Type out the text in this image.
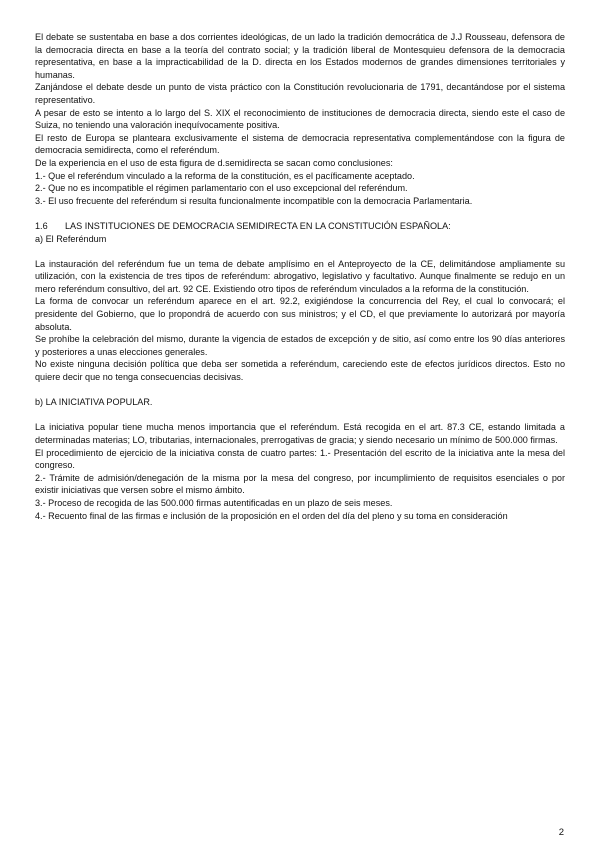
El debate se sustentaba en base a dos corrientes ideológicas, de un lado la tradición democrática de J.J Rousseau, defensora de la democracia directa en base a la teoría del contrato social; y la tradición liberal de Montesquieu defensora de la democracia representativa, en base a la impracticabilidad de la D. directa en los Estados modernos de grandes dimensiones territoriales y humanas.

Zanjándose el debate desde un punto de vista práctico con la Constitución revolucionaria de 1791, decantándose por el sistema representativo.

A pesar de esto se intento a lo largo del S. XIX el reconocimiento de instituciones de democracia directa, siendo este el caso de Suiza, no teniendo una valoración inequívocamente positiva.

El resto de Europa se planteara exclusivamente el sistema de democracia representativa complementándose con la figura de democracia semidirecta, como el referéndum.

De la experiencia en el uso de esta figura de d.semidirecta se sacan como conclusiones:

1.- Que el referéndum vinculado a la reforma de la constitución, es el pacíficamente aceptado.

2.- Que no es incompatible el régimen parlamentario con el uso excepcional del referéndum.

3.- El uso frecuente del referéndum si resulta funcionalmente incompatible con la democracia Parlamentaria.

1.6	LAS INSTITUCIONES DE DEMOCRACIA SEMIDIRECTA EN LA CONSTITUCIÓN ESPAÑOLA:

a) El Referéndum

La instauración del referéndum fue un tema de debate amplísimo en el Anteproyecto de la CE, delimitándose ampliamente su utilización, con la existencia de tres tipos de referéndum: abrogativo, legislativo y facultativo. Aunque finalmente se redujo en un mero referéndum consultivo, del art. 92 CE. Existiendo otro tipos de referéndum vinculados a la reforma de la constitución.

La forma de convocar un referéndum aparece en el art. 92.2, exigiéndose la concurrencia del Rey, el cual lo convocará; el presidente del Gobierno, que lo propondrá de acuerdo con sus ministros; y el CD, el que previamente lo autorizará por mayoría absoluta.

Se prohíbe la celebración del mismo, durante la vigencia de estados de excepción y de sitio, así como entre los 90 días anteriores y posteriores a unas elecciones generales.

No existe ninguna decisión política que deba ser sometida a referéndum, careciendo este de efectos jurídicos directos. Esto no quiere decir que no tenga consecuencias decisivas.

b) LA INICIATIVA POPULAR.

La iniciativa popular tiene mucha menos importancia que el referéndum. Está recogida en el art. 87.3 CE, estando limitada a determinadas materias; LO, tributarias, internacionales, prerrogativas de gracia; y siendo necesario un mínimo de 500.000 firmas.

El procedimiento de ejercicio de la iniciativa consta de cuatro partes: 1.- Presentación del escrito de la iniciativa ante la mesa del congreso.

2.- Trámite de admisión/denegación de la misma por la mesa del congreso, por incumplimiento de requisitos esenciales o por existir iniciativas que versen sobre el mismo ámbito.

3.- Proceso de recogida de las 500.000 firmas autentificadas en un plazo de seis meses.

4.- Recuento final de las firmas e inclusión de la proposición en el orden del día del pleno y su toma en consideración

2
